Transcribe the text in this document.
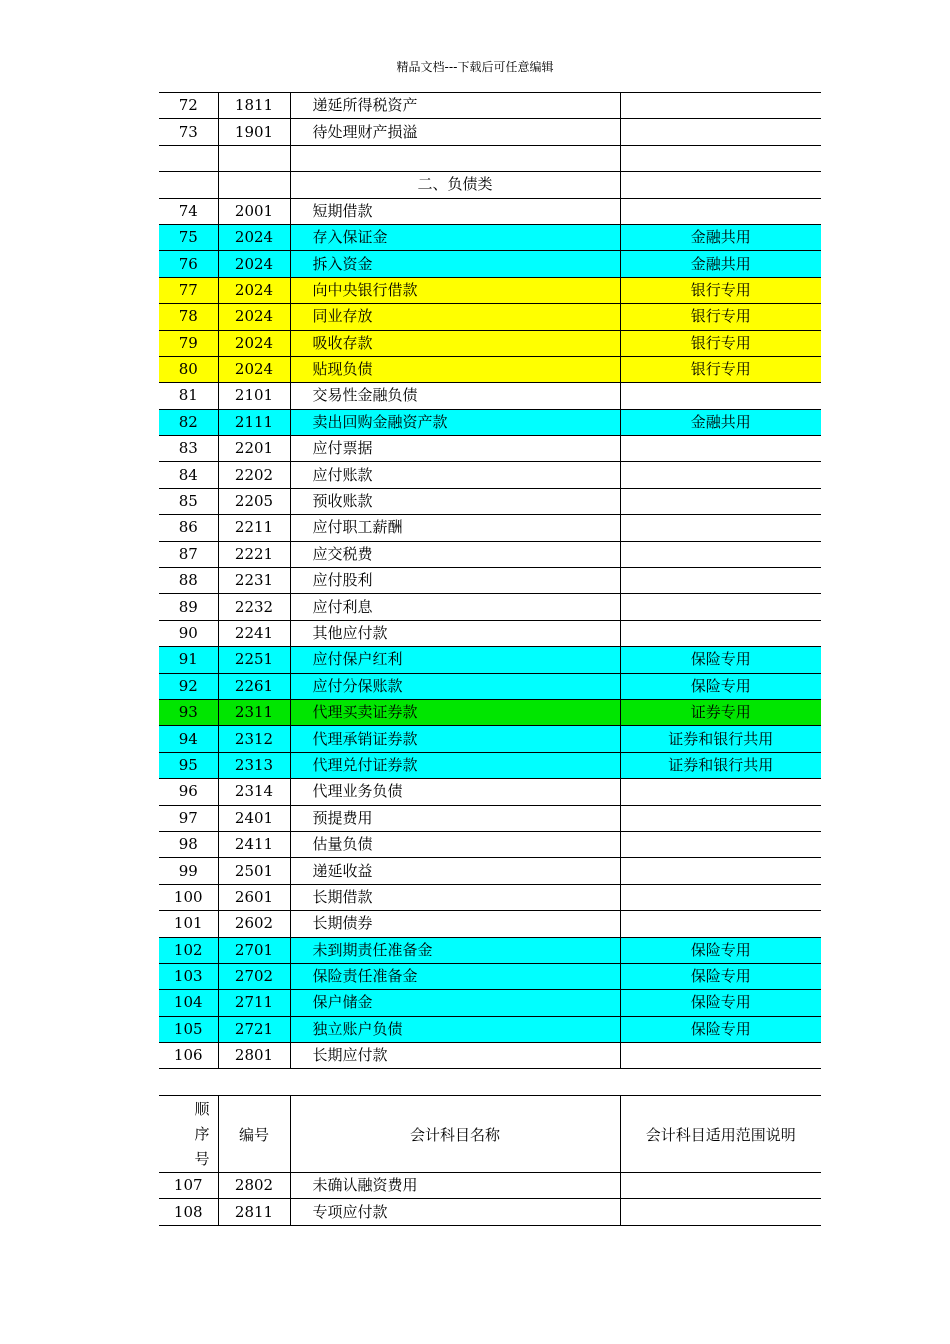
精品文档---下载后可任意编辑
72	1811	递延所得税资产	
73	1901	待处理财产损溢	

		二、负债类	
74	2001	短期借款	
75	2024	存入保证金	金融共用
76	2024	拆入资金	金融共用
77	2024	向中央银行借款	银行专用
78	2024	同业存放	银行专用
79	2024	吸收存款	银行专用
80	2024	贴现负债	银行专用
81	2101	交易性金融负债	
82	2111	卖出回购金融资产款	金融共用
83	2201	应付票据	
84	2202	应付账款	
85	2205	预收账款	
86	2211	应付职工薪酬	
87	2221	应交税费	
88	2231	应付股利	
89	2232	应付利息	
90	2241	其他应付款	
91	2251	应付保户红利	保险专用
92	2261	应付分保账款	保险专用
93	2311	代理买卖证券款	证券专用
94	2312	代理承销证券款	证券和银行共用
95	2313	代理兑付证券款	证券和银行共用
96	2314	代理业务负债	
97	2401	预提费用	
98	2411	估量负债	
99	2501	递延收益	
100	2601	长期借款	
101	2602	长期债券	
102	2701	未到期责任准备金	保险专用
103	2702	保险责任准备金	保险专用
104	2711	保户储金	保险专用
105	2721	独立账户负债	保险专用
106	2801	长期应付款	
顺
序
号	编号	会计科目名称	会计科目适用范围说明
107	2802	未确认融资费用	
108	2811	专项应付款	
